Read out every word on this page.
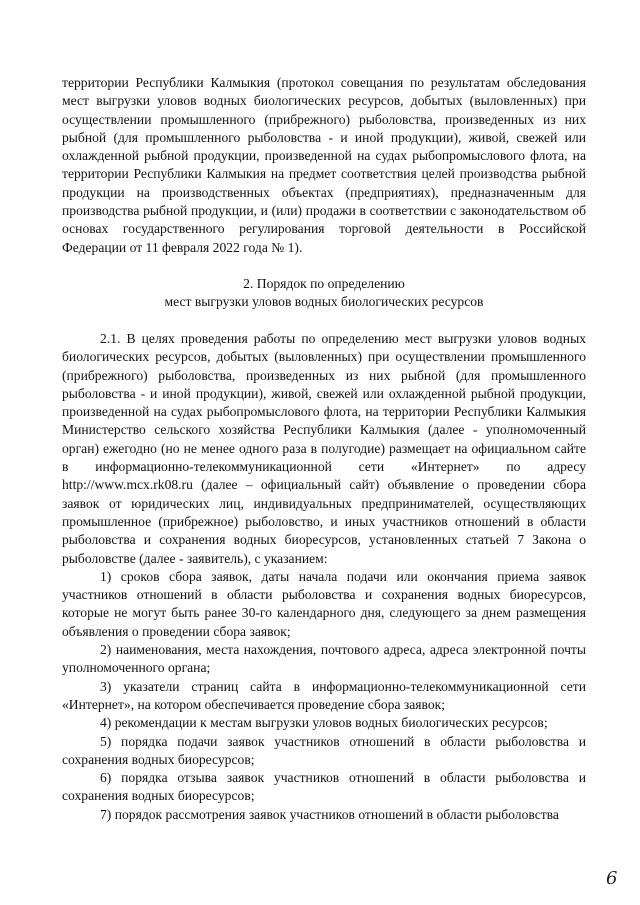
территории Республики Калмыкия (протокол совещания по результатам обследования мест выгрузки уловов водных биологических ресурсов, добытых (выловленных) при осуществлении промышленного (прибрежного) рыболовства, произведенных из них рыбной (для промышленного рыболовства - и иной продукции), живой, свежей или охлажденной рыбной продукции, произведенной на судах рыбопромыслового флота, на территории Республики Калмыкия на предмет соответствия целей производства рыбной продукции на производственных объектах (предприятиях), предназначенным для производства рыбной продукции, и (или) продажи в соответствии с законодательством об основах государственного регулирования торговой деятельности в Российской Федерации от 11 февраля 2022 года № 1).

2. Порядок по определению
мест выгрузки уловов водных биологических ресурсов

2.1. В целях проведения работы по определению мест выгрузки уловов водных биологических ресурсов, добытых (выловленных) при осуществлении промышленного (прибрежного) рыболовства, произведенных из них рыбной (для промышленного рыболовства - и иной продукции), живой, свежей или охлажденной рыбной продукции, произведенной на судах рыбопромыслового флота, на территории Республики Калмыкия Министерство сельского хозяйства Республики Калмыкия (далее - уполномоченный орган) ежегодно (но не менее одного раза в полугодие) размещает на официальном сайте в информационно-телекоммуникационной сети «Интернет» по адресу http://www.mcx.rk08.ru (далее – официальный сайт) объявление о проведении сбора заявок от юридических лиц, индивидуальных предпринимателей, осуществляющих промышленное (прибрежное) рыболовство, и иных участников отношений в области рыболовства и сохранения водных биоресурсов, установленных статьей 7 Закона о рыболовстве (далее - заявитель), с указанием:

1) сроков сбора заявок, даты начала подачи или окончания приема заявок участников отношений в области рыболовства и сохранения водных биоресурсов, которые не могут быть ранее 30-го календарного дня, следующего за днем размещения объявления о проведении сбора заявок;

2) наименования, места нахождения, почтового адреса, адреса электронной почты уполномоченного органа;

3) указатели страниц сайта в информационно-телекоммуникационной сети «Интернет», на котором обеспечивается проведение сбора заявок;

4) рекомендации к местам выгрузки уловов водных биологических ресурсов;

5) порядка подачи заявок участников отношений в области рыболовства и сохранения водных биоресурсов;

6) порядка отзыва заявок участников отношений в области рыболовства и сохранения водных биоресурсов;

7) порядок рассмотрения заявок участников отношений в области рыболовства

6
